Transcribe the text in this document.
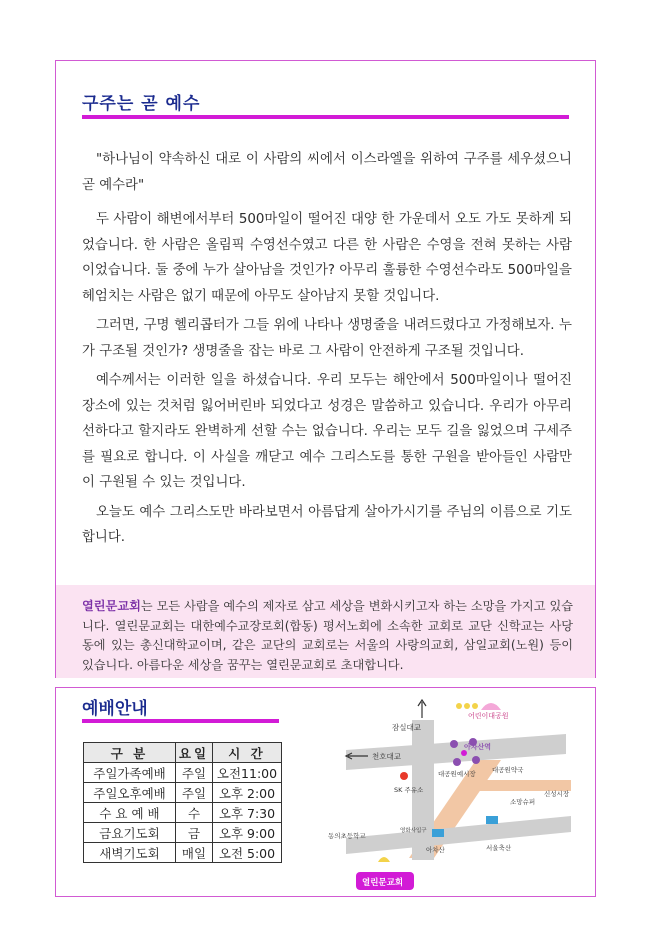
구주는 곧 예수

"하나님이 약속하신 대로 이 사람의 씨에서 이스라엘을 위하여 구주를 세우셨으니 곧 예수라"

두 사람이 해변에서부터 500마일이 떨어진 대양 한 가운데서 오도 가도 못하게 되었습니다. 한 사람은 올림픽 수영선수였고 다른 한 사람은 수영을 전혀 못하는 사람이었습니다. 둘 중에 누가 살아남을 것인가? 아무리 훌륭한 수영선수라도 500마일을 헤엄치는 사람은 없기 때문에 아무도 살아남지 못할 것입니다.

그러면, 구명 헬리콥터가 그들 위에 나타나 생명줄을 내려드렸다고 가정해보자. 누가 구조될 것인가? 생명줄을 잡는 바로 그 사람이 안전하게 구조될 것입니다.

예수께서는 이러한 일을 하셨습니다. 우리 모두는 해안에서 500마일이나 떨어진 장소에 있는 것처럼 잃어버린바 되었다고 성경은 말씀하고 있습니다. 우리가 아무리 선하다고 할지라도 완벽하게 선할 수는 없습니다. 우리는 모두 길을 잃었으며 구세주를 필요로 합니다. 이 사실을 깨닫고 예수 그리스도를 통한 구원을 받아들인 사람만이 구원될 수 있는 것입니다.

오늘도 예수 그리스도만 바라보면서 아름답게 살아가시기를 주님의 이름으로 기도합니다.

열린문교회는 모든 사람을 예수의 제자로 삼고 세상을 변화시키고자 하는 소망을 가지고 있습니다. 열린문교회는 대한예수교장로회(합동) 평서노회에 소속한 교회로 교단 신학교는 사당동에 있는 총신대학교이며, 같은 교단의 교회로는 서울의 사랑의교회, 삼일교회(노원) 등이 있습니다. 아름다운 세상을 꿈꾸는 열린문교회로 초대합니다.
예배안내
구 분	요일	시 간
주일가족예배	주일	오전11:00
주일오후예배	주일	오후 2:00
수 요 예 배	수	오후 7:30
금요기도회	금	오후 9:00
새벽기도회	매일	오전 5:00
어린이대공원
잠실대교
천호대교
아차산역
대공원예시장	대공원약국
SK 주유소
소망슈퍼
신성시장
동의초등학교
영화사입구
아차산	서울축산
열린문교회
